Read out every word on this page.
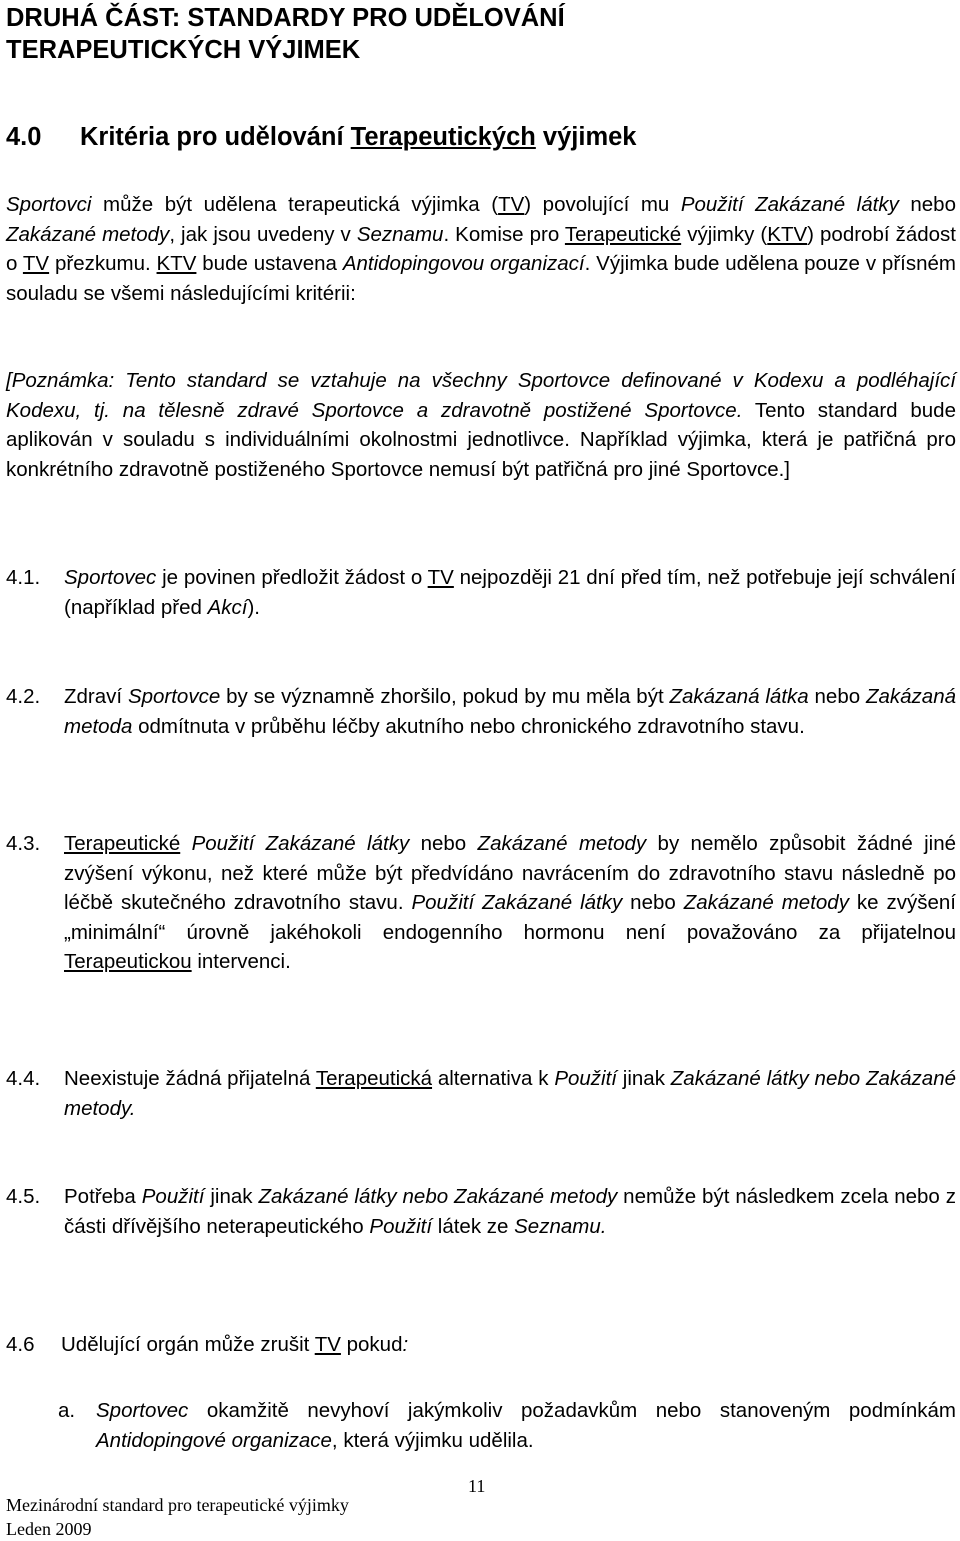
DRUHÁ ČÁST: STANDARDY PRO UDĚLOVÁNÍ
TERAPEUTICKÝCH VÝJIMEK
4.0 Kritéria pro udělování Terapeutických výjimek

Sportovci může být udělena terapeutická výjimka (TV) povolující mu Použití Zakázané látky nebo Zakázané metody, jak jsou uvedeny v Seznamu. Komise pro Terapeutické výjimky (KTV) podrobí žádost o TV přezkumu. KTV bude ustavena Antidopingovou organizací. Výjimka bude udělena pouze v přísném souladu se všemi následujícími kritérii:

[Poznámka: Tento standard se vztahuje na všechny Sportovce definované v Kodexu a podléhající Kodexu, tj. na tělesně zdravé Sportovce a zdravotně postižené Sportovce. Tento standard bude aplikován v souladu s individuálními okolnostmi jednotlivce. Například výjimka, která je patřičná pro konkrétního zdravotně postiženého Sportovce nemusí být patřičná pro jiné Sportovce.]

4.1. Sportovec je povinen předložit žádost o TV nejpozději 21 dní před tím, než potřebuje její schválení (například před Akcí).
4.2. Zdraví Sportovce by se významně zhoršilo, pokud by mu měla být Zakázaná látka nebo Zakázaná metoda odmítnuta v průběhu léčby akutního nebo chronického zdravotního stavu.
4.3. Terapeutické Použití Zakázané látky nebo Zakázané metody by nemělo způsobit žádné jiné zvýšení výkonu, než které může být předvídáno navrácením do zdravotního stavu následně po léčbě skutečného zdravotního stavu. Použití Zakázané látky nebo Zakázané metody ke zvýšení „minimální“ úrovně jakéhokoli endogenního hormonu není považováno za přijatelnou Terapeutickou intervenci.
4.4. Neexistuje žádná přijatelná Terapeutická alternativa k Použití jinak Zakázané látky nebo Zakázané metody.
4.5. Potřeba Použití jinak Zakázané látky nebo Zakázané metody nemůže být následkem zcela nebo z části dřívějšího neterapeutického Použití látek ze Seznamu.
4.6 Udělující orgán může zrušit TV pokud:
a. Sportovec okamžitě nevyhoví jakýmkoliv požadavkům nebo stanoveným podmínkám Antidopingové organizace, která výjimku udělila.
11
Mezinárodní standard pro terapeutické výjimky
Leden 2009
